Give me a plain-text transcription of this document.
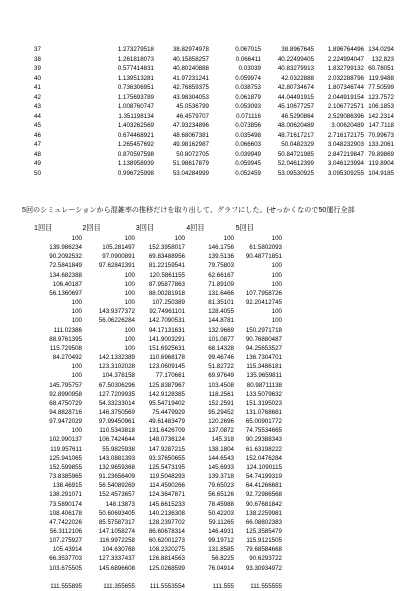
37	1.273279518	38.82974978	0.067015	38.8967645	1.896764496	134.0294
38	1.261818073	40.15858257	0.066411	40.22499405	2.224994047	132.823
39	0.577414831	40.80240888	0.03039	40.83279913	1.832799132	60.78051
40	1.139513281	41.97231241	0.059974	42.0322888	2.032288796	119.9488
41	0.736306951	42.76859375	0.038753	42.80734674	1.807346744	77.50599
42	1.175693789	43.98304053	0.061879	44.04491915	2.044919154	123.7572
43	1.008760747	45.0536799	0.053093	45.10677257	2.106772571	106.1853
44	1.351198134	46.4579707	0.071116	46.5290864	2.529086396	142.2314
45	1.403262569	47.93234896	0.073856	48.00620489	3.00620489	147.7118
46	0.674468921	48.68067381	0.035498	48.71617217	2.716172175	70.99673
47	1.265457692	49.98162987	0.066603	50.0482329	3.048232903	133.2061
48	0.870597598	50.8072705	0.039949	50.84721985	2.847219847	79.89869
49	1.138958939	51.98617879	0.059945	52.04612399	3.046123994	119.8904
50	0.996725998	53.04284999	0.052459	53.09530925	3.095309255	104.9185
5回のシミュレーションから混雑率の推移だけを取り出して、グラフにした。(せっかくなので50運行全部
1回目	2回目	3回目	4回目	5回目
100	100	100	100	100
139.986234	105.281497	152.3958017	146.1756	61.5802093
90.2092532	97.0900891	69.83488956	139.5136	90.48771851
72.5841849	97.62841391	81.22159541	79.75803	100
134.682388	100	120.5861155	62.66167	100
106.40187	100	87.95877863	71.89109	100
56.1360697	100	88.00281918	131.6466	107.7958726
100	100	107.250389	81.35101	92.20412745
100	143.9377372	92.74961101	128.4055	100
100	56.06226284	142.7090531	144.8781	100
111.02386	100	94.17131631	132.9669	150.2971718
88.9761395	100	141.9003291	101.0877	90.76880487
115.729508	100	151.6925631	68.14328	94.25653527
84.270492	142.1332389	110.6968178	99.46746	136.7304701
100	123.3102028	123.0609145	51.82722	115.3486181
100	104.378158	77.170661	69.97649	135.9659811
145.795757	67.50306296	125.8387967	103.4508	80.98711138
92.8990958	127.7209935	142.9128385	118.2561	133.5079632
68.4750729	54.33233014	95.54719402	152.2591	151.3195023
94.8828716	146.3750569	75.4479929	95.29452	131.0768681
97.9472029	97.99450961	49.61483479	120.2696	65.00901772
100	110.5343818	131.6426709	137.0872	74.75534665
102.990137	106.7424644	148.0736124	145.318	90.29388343
119.957611	55.9825938	147.9287215	138.1804	61.63198222
125.941065	143.0881393	93.37650655	144.6543	152.0476284
152.599855	132.9659368	125.5473195	145.6933	124.1090115
73.8385965	91.23656409	119.5048293	139.3718	54.74199319
138.46915	56.54089269	114.4590266	79.65023	64.41266681
138.291071	152.4573657	124.3647871	56.65126	92.72986568
73.5890174	148.13873	145.6615233	78.45988	90.67681842
108.406178	50.60693405	140.2136308	50.42203	138.2259981
47.7422026	85.57587317	128.2397702	59.11265	66.08802383
56.3112106	147.1058274	86.60678314	146.4931	125.3585479
107.275927	116.9972258	60.62001273	99.19712	115.9121505
105.43914	104.630768	108.2320275	131.8585	79.68584668
66.3537703	127.3337437	126.8814563	56.8225	90.6293722
103.675505	145.6896608	125.0268599	76.04914	93.30934972

111.555895	111.355655	111.5553554	111.555	111.555555
